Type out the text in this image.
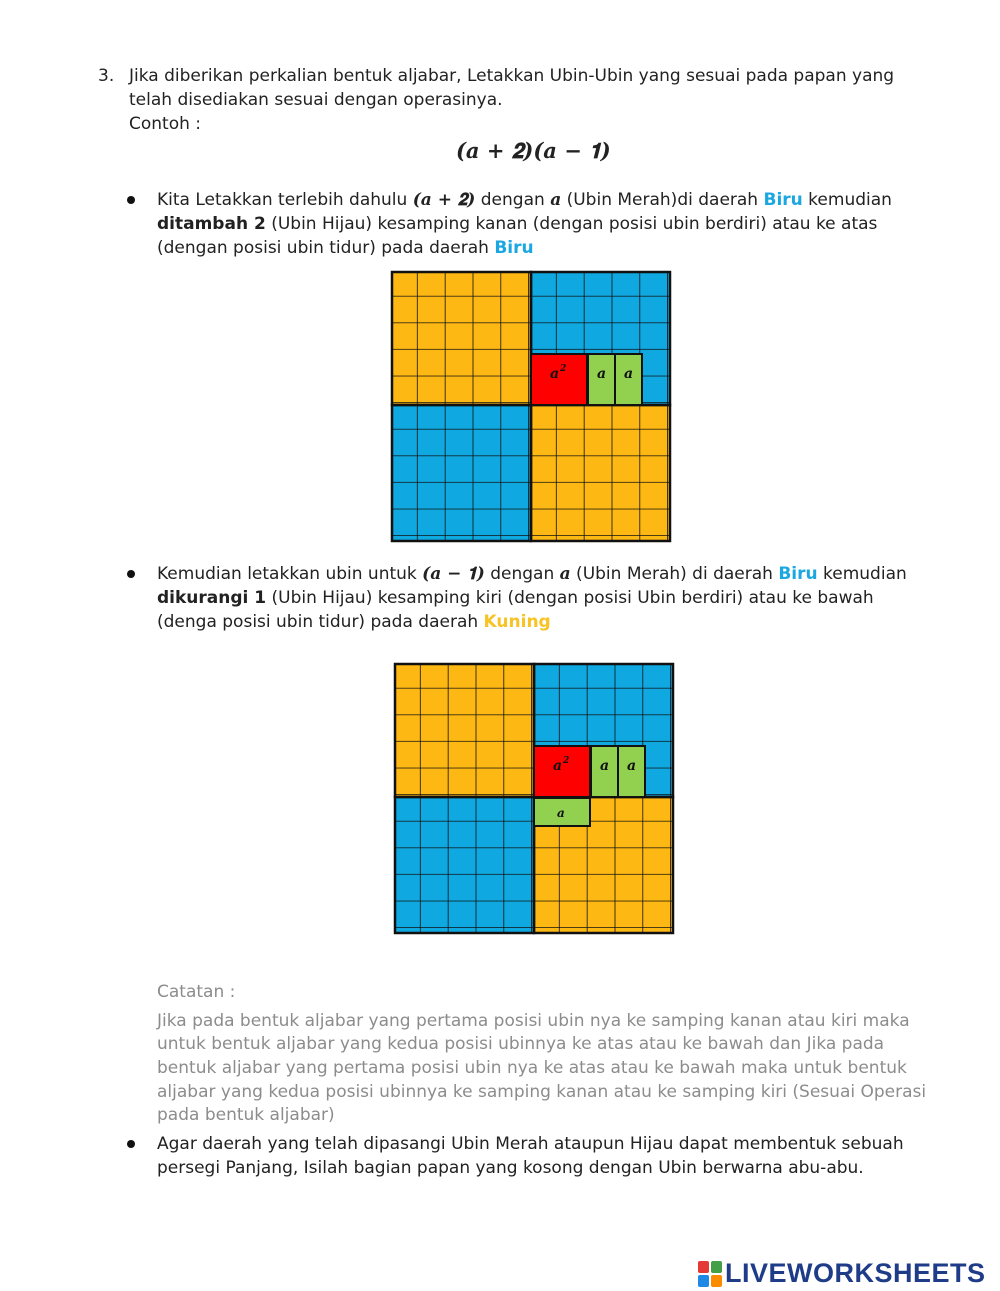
3. Jika diberikan perkalian bentuk aljabar, Letakkan Ubin-Ubin yang sesuai pada papan yang
telah disediakan sesuai dengan operasinya.
Contoh :
(𝒂 + 𝟐)(𝒂 − 𝟏)
Kita Letakkan terlebih dahulu (𝒂 + 𝟐) dengan 𝒂 (Ubin Merah)di daerah Biru kemudian
ditambah 2 (Ubin Hijau) kesamping kanan (dengan posisi ubin berdiri) atau ke atas
(dengan posisi ubin tidur) pada daerah Biru
a 2 a a
Kemudian letakkan ubin untuk (𝒂 − 𝟏) dengan 𝒂 (Ubin Merah) di daerah Biru kemudian
dikurangi 1 (Ubin Hijau) kesamping kiri (dengan posisi Ubin berdiri) atau ke bawah
(denga posisi ubin tidur) pada daerah Kuning
a 2 a a
a
Catatan :
Jika pada bentuk aljabar yang pertama posisi ubin nya ke samping kanan atau kiri maka
untuk bentuk aljabar yang kedua posisi ubinnya ke atas atau ke bawah dan Jika pada
bentuk aljabar yang pertama posisi ubin nya ke atas atau ke bawah maka untuk bentuk
aljabar yang kedua posisi ubinnya ke samping kanan atau ke samping kiri (Sesuai Operasi
pada bentuk aljabar)
Agar daerah yang telah dipasangi Ubin Merah ataupun Hijau dapat membentuk sebuah
persegi Panjang, Isilah bagian papan yang kosong dengan Ubin berwarna abu-abu.
LIVEWORKSHEETS
